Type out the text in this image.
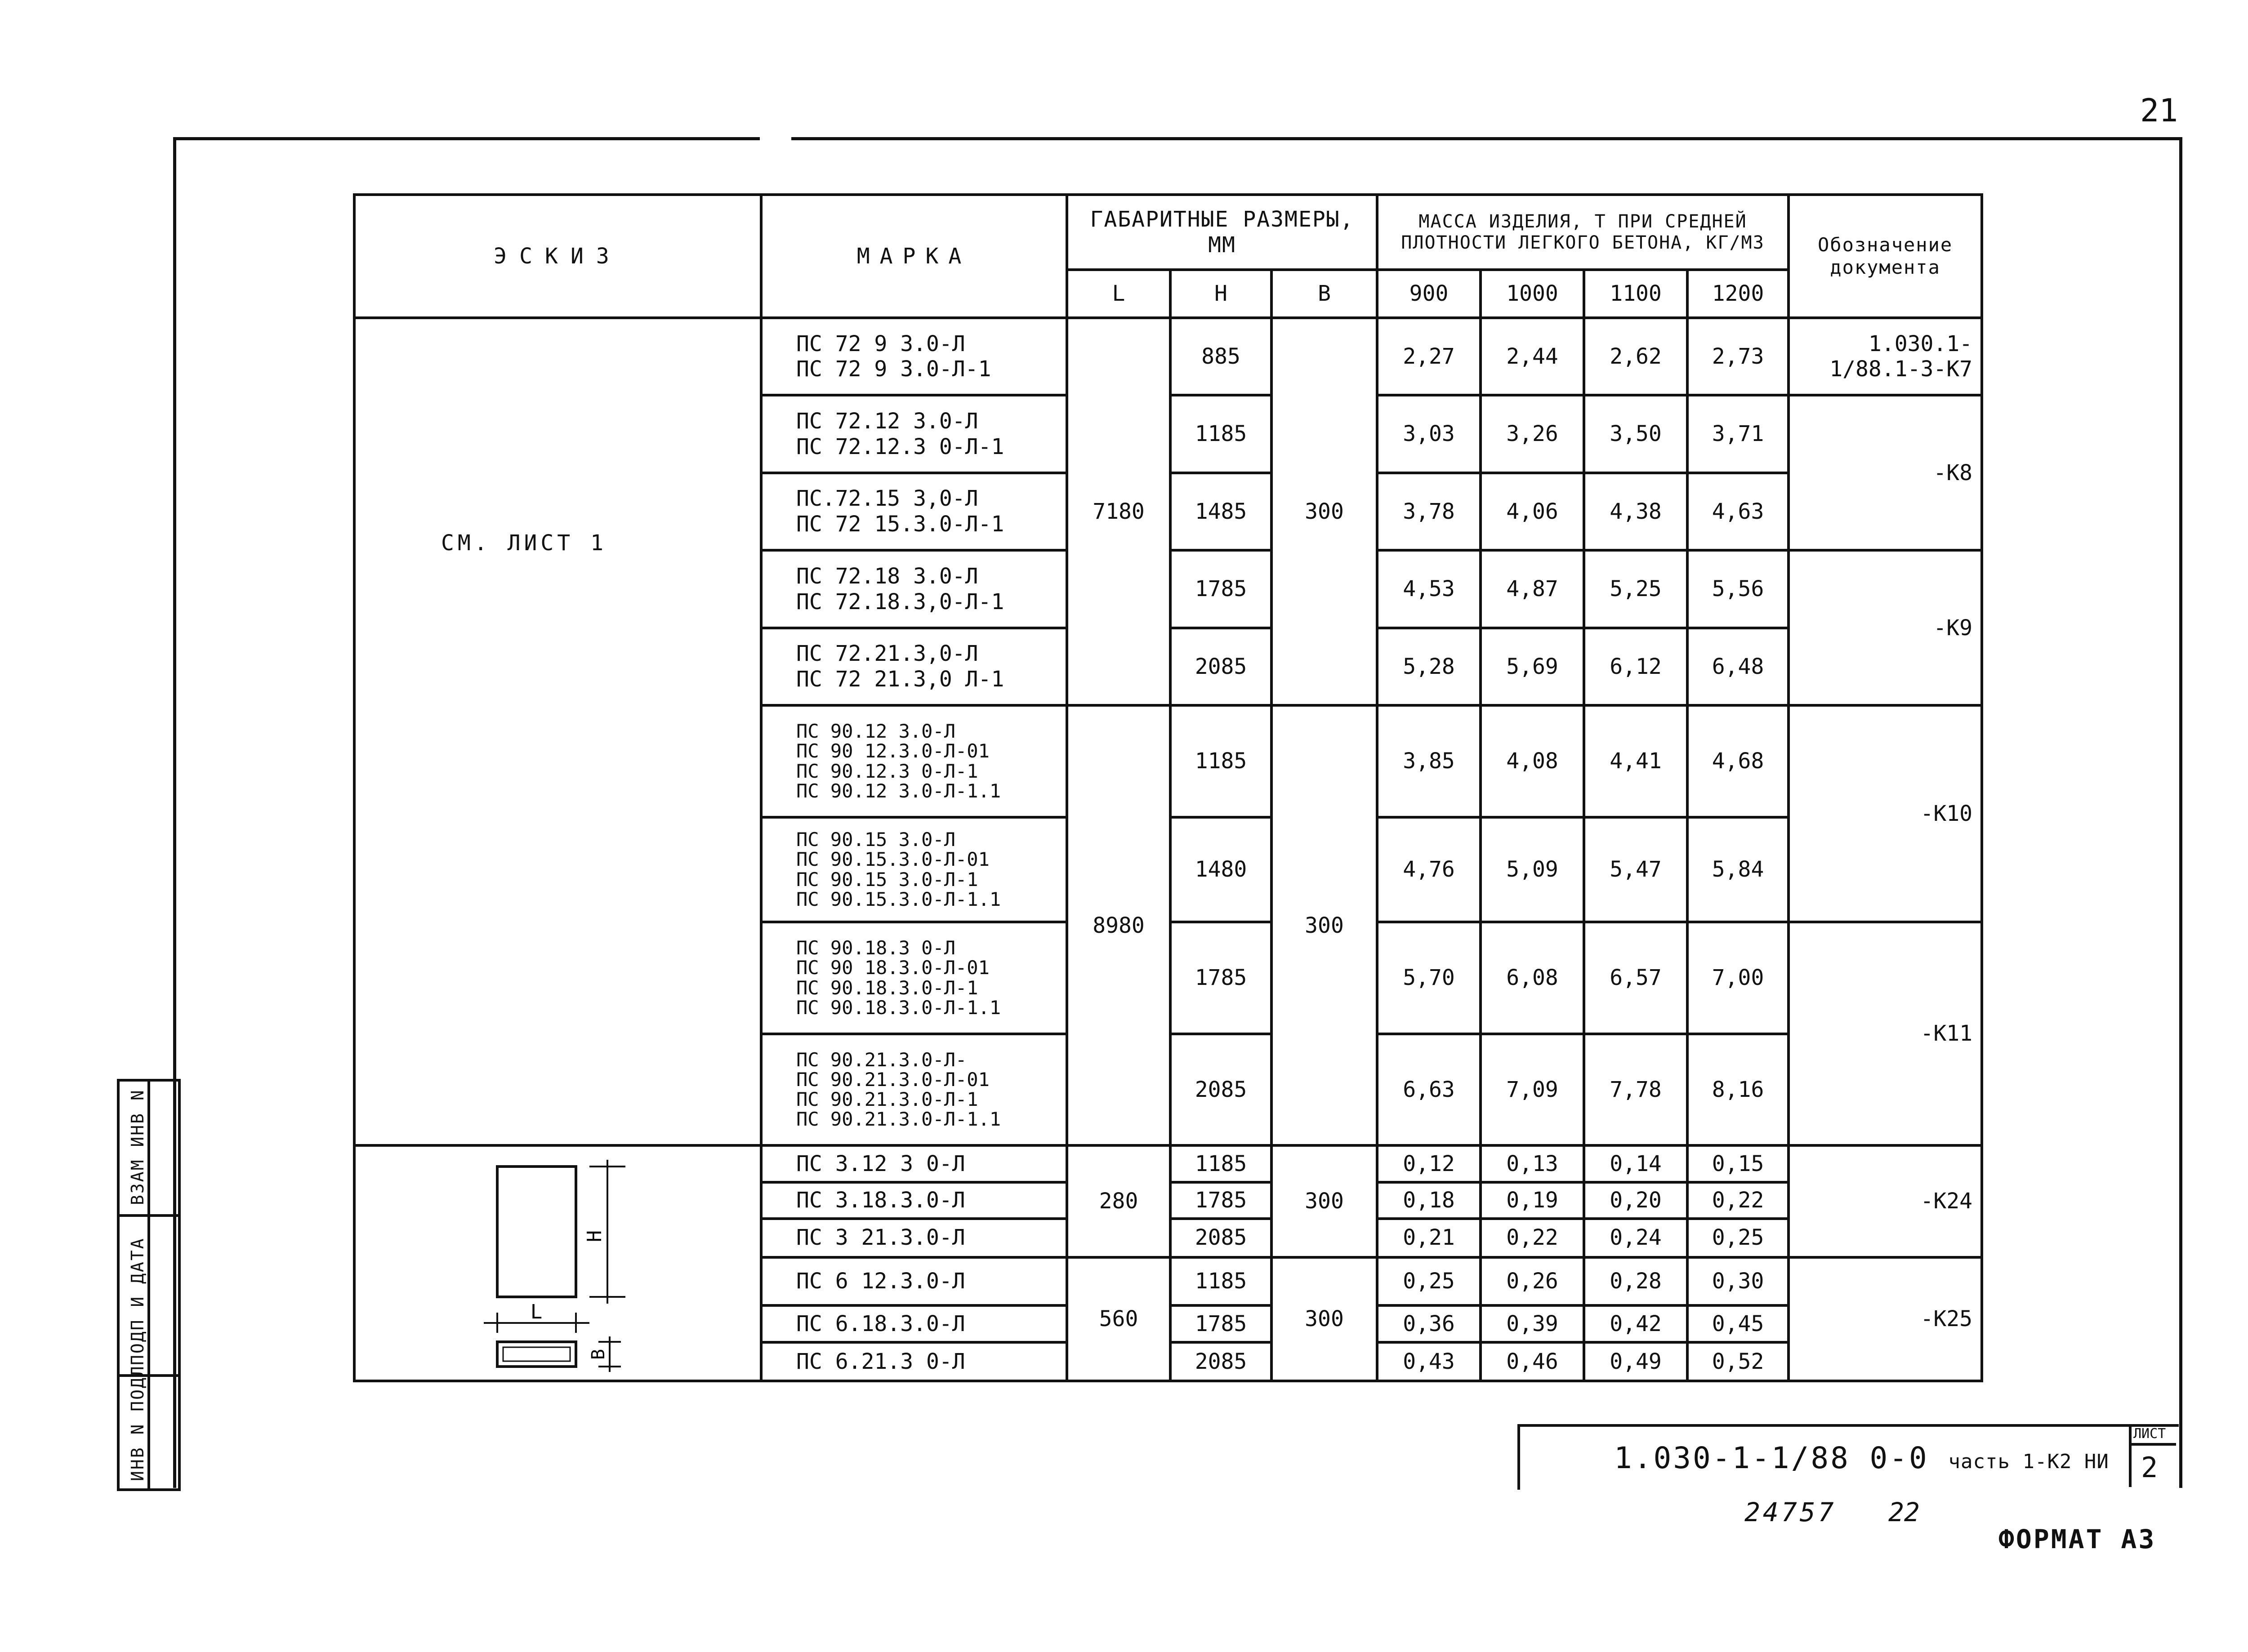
21
ЭСКИЗ	МАРКА	ГАБАРИТНЫЕ РАЗМЕРЫ, ММ			МАССА ИЗДЕЛИЯ, Т ПРИ СРЕДНЕЙ ПЛОТНОСТИ ЛЕГКОГО БЕТОНА, КГ/М3				Обозначение документа
		L	Н	В	900	1000	1100	1200	
СМ. ЛИСТ 1	ПС 72 9 3.0-Л
ПС 72 9 3.0-Л-1	7180	885	300	2,27	2,44	2,62	2,73	1.030.1-1/88.1-3-К7
	ПС 72.12 3.0-Л
ПС 72.12.3 0-Л-1		1185		3,03	3,26	3,50	3,71	-К8
	ПС.72.15 3,0-Л
ПС 72 15.3.0-Л-1		1485		3,78	4,06	4,38	4,63	
	ПС 72.18 3.0-Л
ПС 72.18.3,0-Л-1		1785		4,53	4,87	5,25	5,56	-К9
	ПС 72.21.3,0-Л
ПС 72 21.3,0 Л-1		2085		5,28	5,69	6,12	6,48	
	ПС 90.12 3.0-Л
ПС 90 12.3.0-Л-01
ПС 90.12.3 0-Л-1
ПС 90.12 3.0-Л-1.1	8980	1185	300	3,85	4,08	4,41	4,68	-К10
	ПС 90.15 3.0-Л
ПС 90.15.3.0-Л-01
ПС 90.15 3.0-Л-1
ПС 90.15.3.0-Л-1.1		1480		4,76	5,09	5,47	5,84	
	ПС 90.18.3 0-Л
ПС 90 18.3.0-Л-01
ПС 90.18.3.0-Л-1
ПС 90.18.3.0-Л-1.1		1785		5,70	6,08	6,57	7,00	-К11
	ПС 90.21.3.0-Л-
ПС 90.21.3.0-Л-01
ПС 90.21.3.0-Л-1
ПС 90.21.3.0-Л-1.1		2085		6,63	7,09	7,78	8,16	

Н
L
В	ПС 3.12 3 0-Л	280	1185	300	0,12	0,13	0,14	0,15	-К24
	ПС 3.18.3.0-Л		1785		0,18	0,19	0,20	0,22	
	ПС 3 21.3.0-Л		2085		0,21	0,22	0,24	0,25	
	ПС 6 12.3.0-Л	560	1185	300	0,25	0,26	0,28	0,30	-К25
	ПС 6.18.3.0-Л		1785		0,36	0,39	0,42	0,45	
	ПС 6.21.3 0-Л		2085		0,43	0,46	0,49	0,52	
ВЗАМ ИНВ N
ПОДП И ДАТА
ИНВ N ПОДЛ	1.030-1-1/88 0-0 часть 1-К2 НИ
ЛИСТ
2
24757 22
ФОРМАТ А3
